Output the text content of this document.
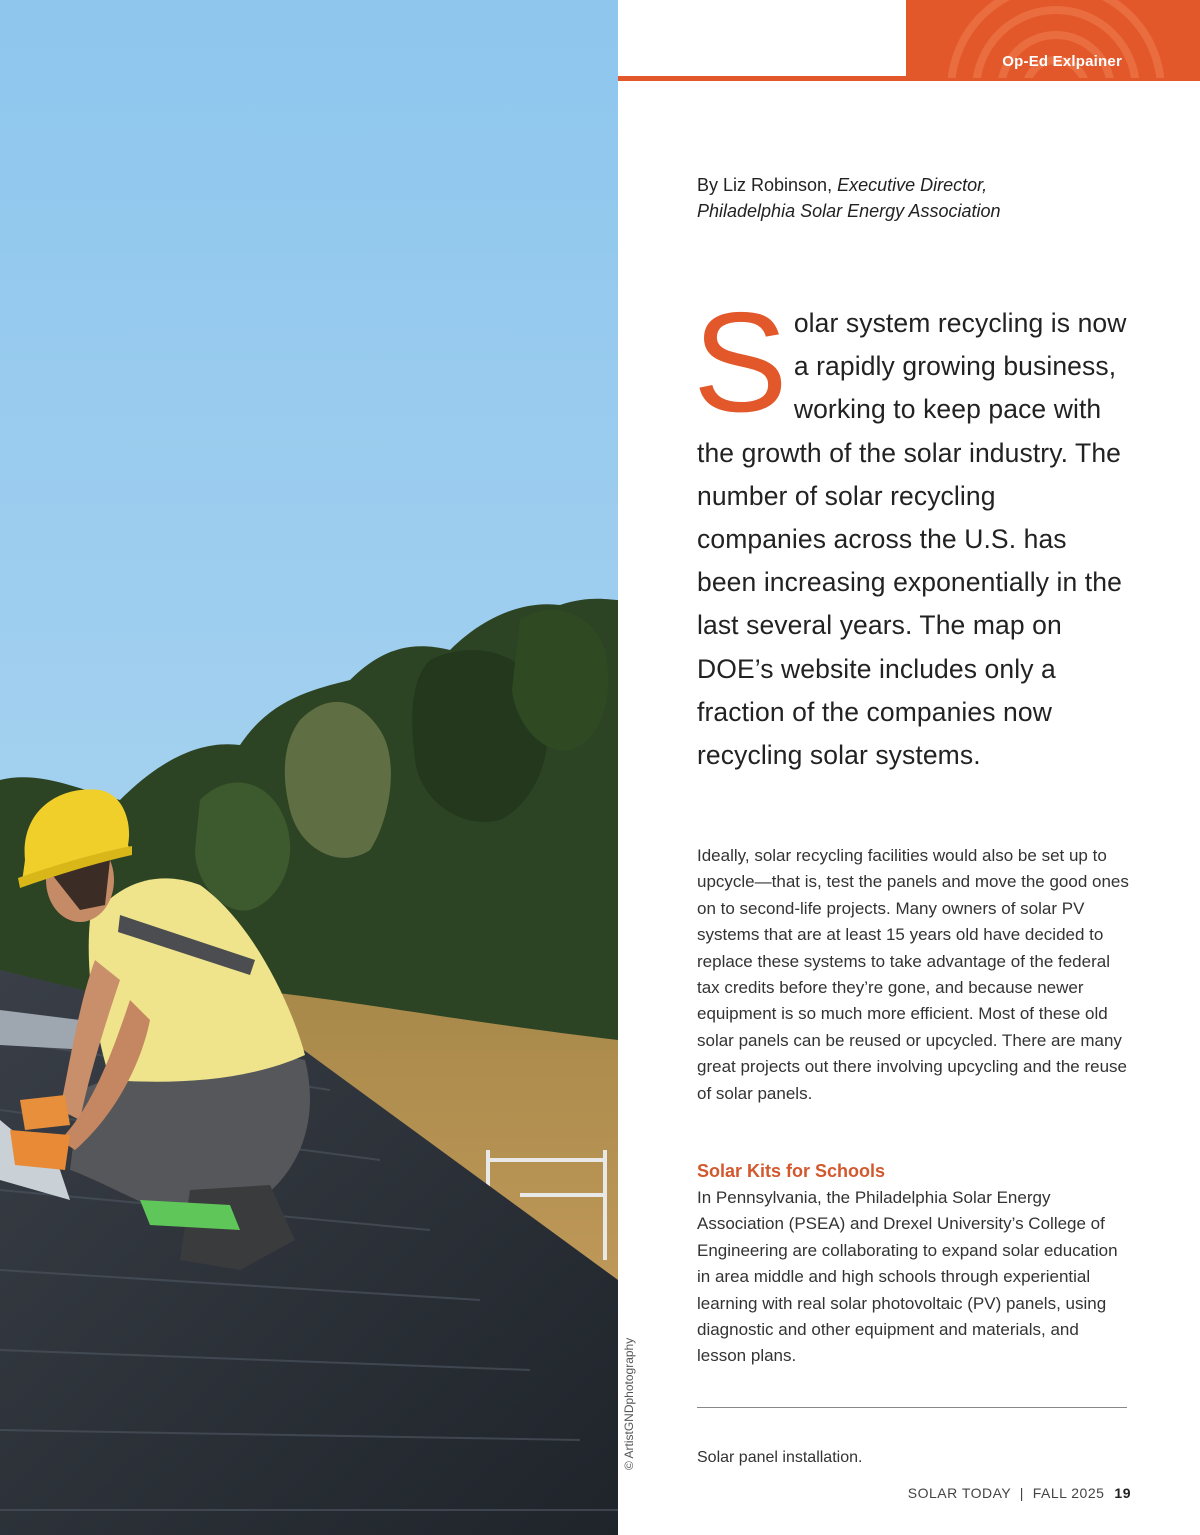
© ArtistGNDphotography
Op-Ed Exlpainer
By Liz Robinson, Executive Director,
Philadelphia Solar Energy Association
Solar system recycling is now a rapidly growing business, working to keep pace with the growth of the solar industry. The number of solar recycling companies across the U.S. has been increasing exponentially in the last several years. The map on DOE’s website includes only a fraction of the companies now recycling solar systems.

Ideally, solar recycling facilities would also be set up to upcycle—that is, test the panels and move the good ones on to second-life projects. Many owners of solar PV systems that are at least 15 years old have decided to replace these systems to take advantage of the federal tax credits before they’re gone, and because newer equipment is so much more efficient. Most of these old solar panels can be reused or upcycled. There are many great projects out there involving upcycling and the reuse of solar panels.

Solar Kits for Schools

In Pennsylvania, the Philadelphia Solar Energy Association (PSEA) and Drexel University’s College of Engineering are collaborating to expand solar education in area middle and high schools through experiential learning with real solar photovoltaic (PV) panels, using diagnostic and other equipment and materials, and lesson plans.

Solar panel installation.
SOLAR TODAY  |  FALL 2025 19
